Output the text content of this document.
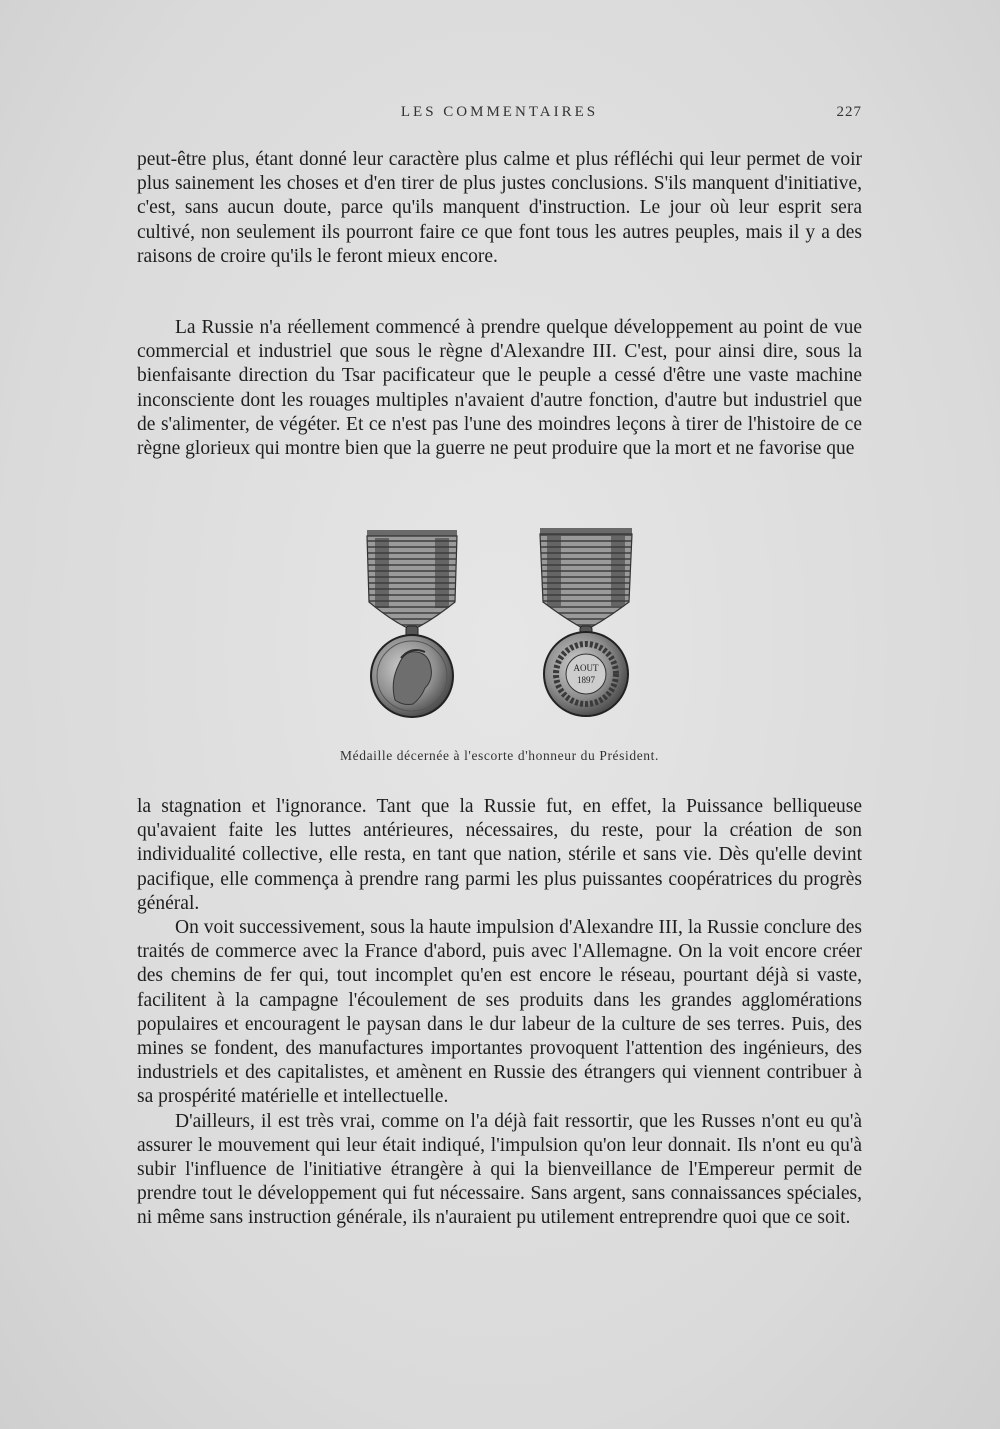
LES COMMENTAIRES	227

peut-être plus, étant donné leur caractère plus calme et plus réfléchi qui leur permet de voir plus sainement les choses et d'en tirer de plus justes conclusions. S'ils manquent d'initiative, c'est, sans aucun doute, parce qu'ils manquent d'instruction. Le jour où leur esprit sera cultivé, non seulement ils pourront faire ce que font tous les autres peuples, mais il y a des raisons de croire qu'ils le feront mieux encore.

La Russie n'a réellement commencé à prendre quelque développement au point de vue commercial et industriel que sous le règne d'Alexandre III. C'est, pour ainsi dire, sous la bienfaisante direction du Tsar pacificateur que le peuple a cessé d'être une vaste machine inconsciente dont les rouages multiples n'avaient d'autre fonction, d'autre but industriel que de s'alimenter, de végéter. Et ce n'est pas l'une des moindres leçons à tirer de l'histoire de ce règne glorieux qui montre bien que la guerre ne peut produire que la mort et ne favorise que

AOUT
1897
Médaille décernée à l'escorte d'honneur du Président.

la stagnation et l'ignorance. Tant que la Russie fut, en effet, la Puissance belliqueuse qu'avaient faite les luttes antérieures, nécessaires, du reste, pour la création de son individualité collective, elle resta, en tant que nation, stérile et sans vie. Dès qu'elle devint pacifique, elle commença à prendre rang parmi les plus puissantes coopératrices du progrès général.

On voit successivement, sous la haute impulsion d'Alexandre III, la Russie conclure des traités de commerce avec la France d'abord, puis avec l'Allemagne. On la voit encore créer des chemins de fer qui, tout incomplet qu'en est encore le réseau, pourtant déjà si vaste, facilitent à la campagne l'écoulement de ses produits dans les grandes agglomérations populaires et encouragent le paysan dans le dur labeur de la culture de ses terres. Puis, des mines se fondent, des manufactures importantes provoquent l'attention des ingénieurs, des industriels et des capitalistes, et amènent en Russie des étrangers qui viennent contribuer à sa prospérité matérielle et intellectuelle.

D'ailleurs, il est très vrai, comme on l'a déjà fait ressortir, que les Russes n'ont eu qu'à assurer le mouvement qui leur était indiqué, l'impulsion qu'on leur donnait. Ils n'ont eu qu'à subir l'influence de l'initiative étrangère à qui la bienveillance de l'Empereur permit de prendre tout le développement qui fut nécessaire. Sans argent, sans connaissances spéciales, ni même sans instruction générale, ils n'auraient pu utilement entreprendre quoi que ce soit.
